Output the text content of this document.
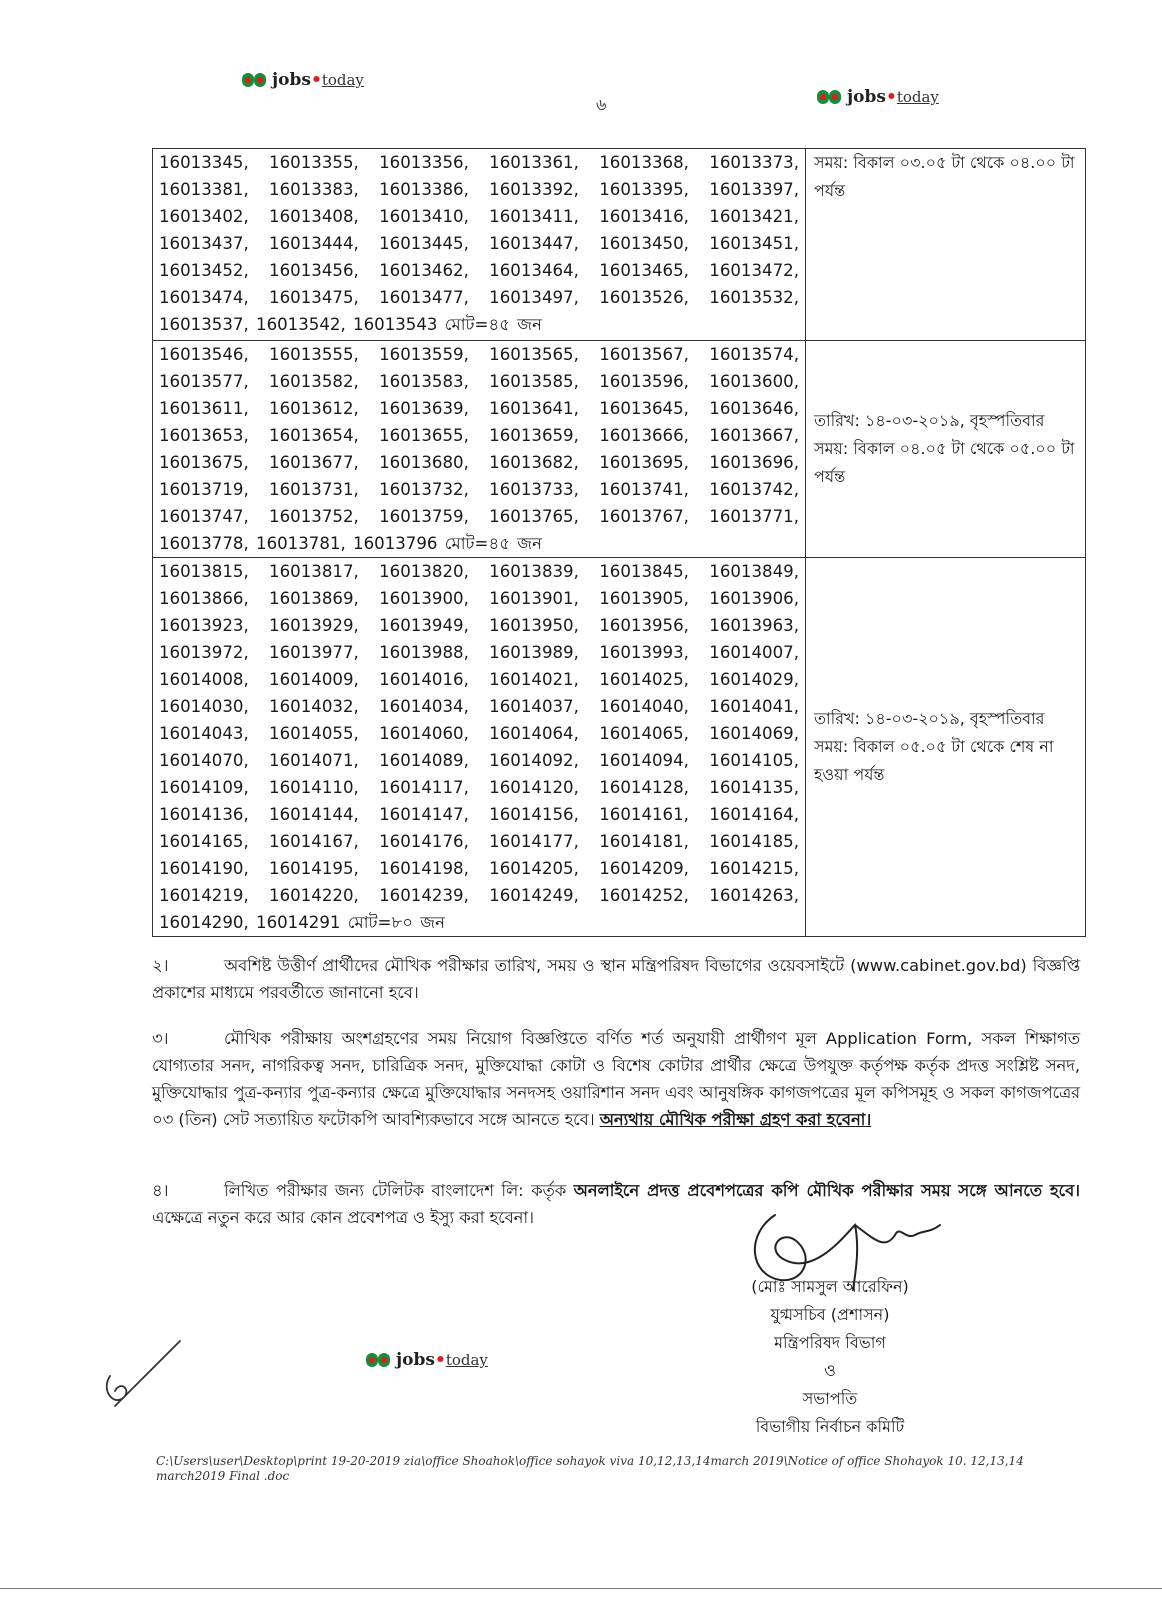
jobs•today
jobs•today
jobs•today
৬
16013345, 16013355, 16013356, 16013361, 16013368, 16013373, 16013381, 16013383, 16013386, 16013392, 16013395, 16013397, 16013402, 16013408, 16013410, 16013411, 16013416, 16013421, 16013437, 16013444, 16013445, 16013447, 16013450, 16013451, 16013452, 16013456, 16013462, 16013464, 16013465, 16013472, 16013474, 16013475, 16013477, 16013497, 16013526, 16013532, 16013537, 16013542, 16013543 মোট=৪৫ জন	সময়: বিকাল ০৩.০৫ টা থেকে ০৪.০০ টা পর্যন্ত

16013546, 16013555, 16013559, 16013565, 16013567, 16013574, 16013577, 16013582, 16013583, 16013585, 16013596, 16013600, 16013611, 16013612, 16013639, 16013641, 16013645, 16013646, 16013653, 16013654, 16013655, 16013659, 16013666, 16013667, 16013675, 16013677, 16013680, 16013682, 16013695, 16013696, 16013719, 16013731, 16013732, 16013733, 16013741, 16013742, 16013747, 16013752, 16013759, 16013765, 16013767, 16013771, 16013778, 16013781, 16013796 মোট=৪৫ জন	তারিখ: ১৪-০৩-২০১৯, বৃহস্পতিবার
সময়: বিকাল ০৪.০৫ টা থেকে ০৫.০০ টা পর্যন্ত

16013815, 16013817, 16013820, 16013839, 16013845, 16013849, 16013866, 16013869, 16013900, 16013901, 16013905, 16013906, 16013923, 16013929, 16013949, 16013950, 16013956, 16013963, 16013972, 16013977, 16013988, 16013989, 16013993, 16014007, 16014008, 16014009, 16014016, 16014021, 16014025, 16014029, 16014030, 16014032, 16014034, 16014037, 16014040, 16014041, 16014043, 16014055, 16014060, 16014064, 16014065, 16014069, 16014070, 16014071, 16014089, 16014092, 16014094, 16014105, 16014109, 16014110, 16014117, 16014120, 16014128, 16014135, 16014136, 16014144, 16014147, 16014156, 16014161, 16014164, 16014165, 16014167, 16014176, 16014177, 16014181, 16014185, 16014190, 16014195, 16014198, 16014205, 16014209, 16014215, 16014219, 16014220, 16014239, 16014249, 16014252, 16014263, 16014290, 16014291 মোট=৮০ জন	তারিখ: ১৪-০৩-২০১৯, বৃহস্পতিবার
সময়: বিকাল ০৫.০৫ টা থেকে শেষ না হওয়া পর্যন্ত
২।	অবশিষ্ট উত্তীর্ণ প্রার্থীদের মৌখিক পরীক্ষার তারিখ, সময় ও স্থান মন্ত্রিপরিষদ বিভাগের ওয়েবসাইটে (www.cabinet.gov.bd) বিজ্ঞপ্তি প্রকাশের মাধ্যমে পরবর্তীতে জানানো হবে।
৩।	মৌখিক পরীক্ষায় অংশগ্রহণের সময় নিয়োগ বিজ্ঞপ্তিতে বর্ণিত শর্ত অনুযায়ী প্রার্থীগণ মূল Application Form, সকল শিক্ষাগত যোগ্যতার সনদ, নাগরিকত্ব সনদ, চারিত্রিক সনদ, মুক্তিযোদ্ধা কোটা ও বিশেষ কোটার প্রার্থীর ক্ষেত্রে উপযুক্ত কর্তৃপক্ষ কর্তৃক প্রদত্ত সংশ্লিষ্ট সনদ, মুক্তিযোদ্ধার পুত্র-কন্যার পুত্র-কন্যার ক্ষেত্রে মুক্তিযোদ্ধার সনদসহ ওয়ারিশান সনদ এবং আনুষঙ্গিক কাগজপত্রের মূল কপিসমূহ ও সকল কাগজপত্রের ০৩ (তিন) সেট সত্যায়িত ফটোকপি আবশ্যিকভাবে সঙ্গে আনতে হবে। অন্যথায় মৌখিক পরীক্ষা গ্রহণ করা হবেনা।
৪।	লিখিত পরীক্ষার জন্য টেলিটক বাংলাদেশ লি: কর্তৃক অনলাইনে প্রদত্ত প্রবেশপত্রের কপি মৌখিক পরীক্ষার সময় সঙ্গে আনতে হবে। এক্ষেত্রে নতুন করে আর কোন প্রবেশপত্র ও ইস্যু করা হবেনা।
(মোঃ সামসুল আরেফিন)
যুগ্মসচিব (প্রশাসন)
মন্ত্রিপরিষদ বিভাগ
ও
সভাপতি
বিভাগীয় নির্বাচন কমিটি
C:\Users\user\Desktop\print 19-20-2019 zia\office Shoahok\office sohayok viva 10,12,13,14march 2019\Notice of office Shohayok 10. 12,13,14 march2019 Final .doc
